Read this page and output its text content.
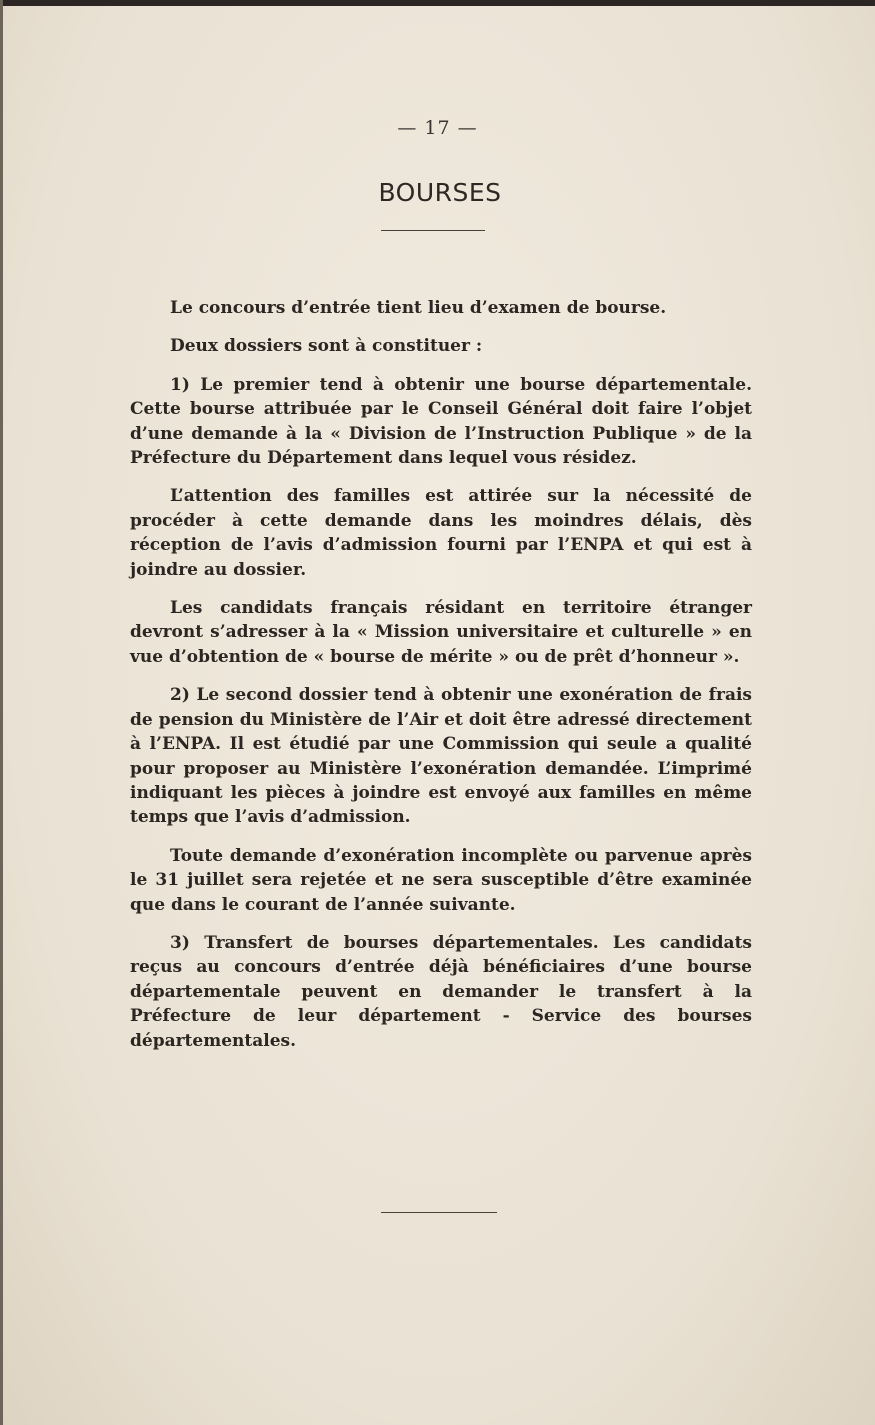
— 17 —
BOURSES

Le concours d’entrée tient lieu d’examen de bourse.

Deux dossiers sont à constituer :

1) Le premier tend à obtenir une bourse départementale. Cette bourse attribuée par le Conseil Général doit faire l’objet d’une demande à la « Division de l’Instruction Publique » de la Préfecture du Département dans lequel vous résidez.

L’attention des familles est attirée sur la nécessité de procéder à cette demande dans les moindres délais, dès réception de l’avis d’admission fourni par l’ENPA et qui est à joindre au dossier.

Les candidats français résidant en territoire étranger devront s’adresser à la « Mission universitaire et culturelle » en vue d’obtention de « bourse de mérite » ou de prêt d’honneur ».

2) Le second dossier tend à obtenir une exonération de frais de pension du Ministère de l’Air et doit être adressé directement à l’ENPA. Il est étudié par une Commission qui seule a qualité pour proposer au Ministère l’exonération demandée. L’imprimé indiquant les pièces à joindre est envoyé aux familles en même temps que l’avis d’admission.

Toute demande d’exonération incomplète ou parvenue après le 31 juillet sera rejetée et ne sera susceptible d’être examinée que dans le courant de l’année suivante.

3) Transfert de bourses départementales. Les candidats reçus au concours d’entrée déjà bénéficiaires d’une bourse départementale peuvent en demander le transfert à la Préfecture de leur département - Service des bourses départementales.
